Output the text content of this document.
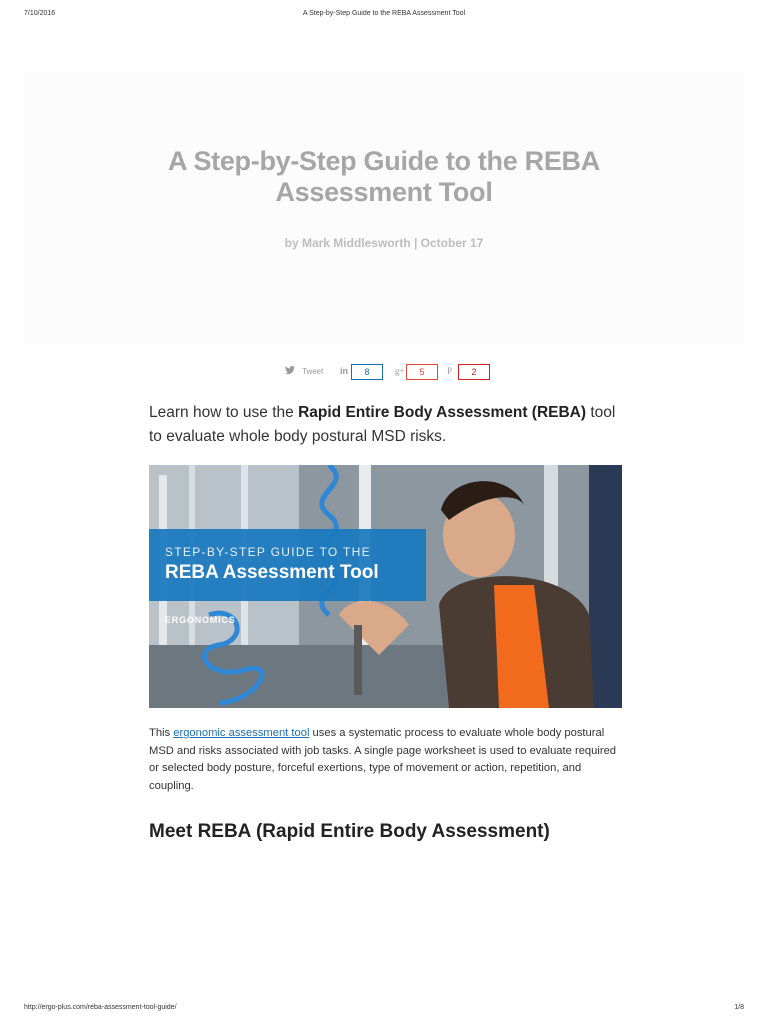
7/10/2016	A Step-by-Step Guide to the REBA Assessment Tool
A Step-by-Step Guide to the REBA Assessment Tool
by Mark Middlesworth | October 17
Tweet in	8	g+	5	P	2

Learn how to use the Rapid Entire Body Assessment (REBA) tool to evaluate whole body postural MSD risks.

STEP-BY-STEP GUIDE TO THE
REBA Assessment Tool
ERGONOMICS

This ergonomic assessment tool uses a systematic process to evaluate whole body postural MSD and risks associated with job tasks. A single page worksheet is used to evaluate required or selected body posture, forceful exertions, type of movement or action, repetition, and coupling.

Meet REBA (Rapid Entire Body Assessment)
http://ergo-plus.com/reba-assessment-tool-guide/	1/8
